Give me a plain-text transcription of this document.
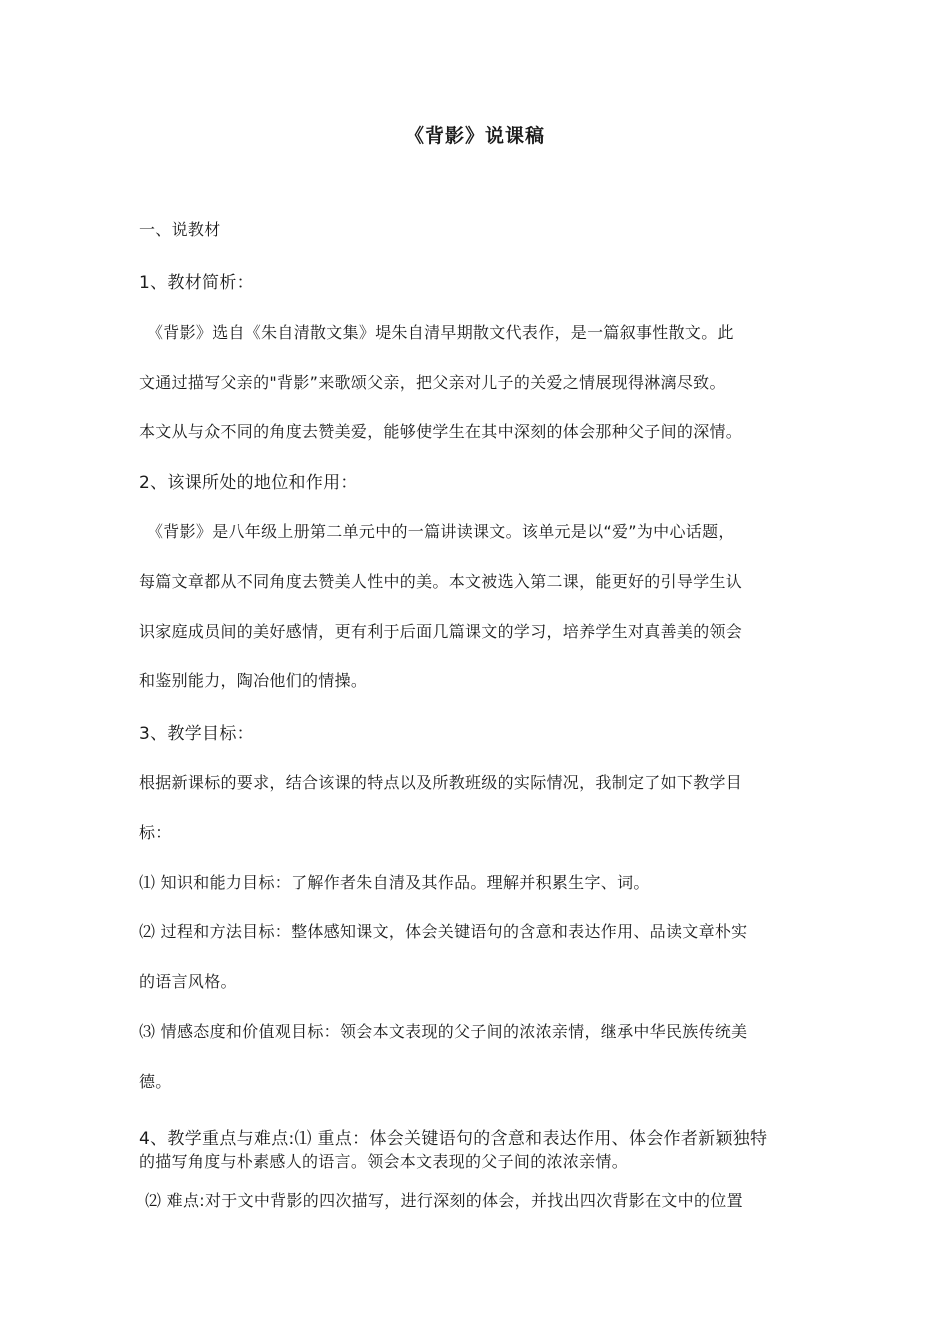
《背影》说课稿
一、说教材
1、教材简析：
《背影》选自《朱自清散文集》堤朱自清早期散文代表作，是一篇叙事性散文。此
文通过描写父亲的"背影”来歌颂父亲，把父亲对儿子的关爱之情展现得淋漓尽致。
本文从与众不同的角度去赞美爱，能够使学生在其中深刻的体会那种父子间的深情。
2、该课所处的地位和作用：
《背影》是八年级上册第二单元中的一篇讲读课文。该单元是以“爱”为中心话题，
每篇文章都从不同角度去赞美人性中的美。本文被选入第二课，能更好的引导学生认
识家庭成员间的美好感情，更有利于后面几篇课文的学习，培养学生对真善美的领会
和鉴别能力，陶冶他们的情操。
3、教学目标：
根据新课标的要求，结合该课的特点以及所教班级的实际情况，我制定了如下教学目
标：
⑴ 知识和能力目标：了解作者朱自清及其作品。理解并积累生字、词。
⑵ 过程和方法目标：整体感知课文，体会关键语句的含意和表达作用、品读文章朴实
的语言风格。
⑶ 情感态度和价值观目标：领会本文表现的父子间的浓浓亲情，继承中华民族传统美
德。
4、教学重点与难点:⑴ 重点：体会关键语句的含意和表达作用、体会作者新颖独特
的描写角度与朴素感人的语言。领会本文表现的父子间的浓浓亲情。
⑵ 难点:对于文中背影的四次描写，进行深刻的体会，并找出四次背影在文中的位置
